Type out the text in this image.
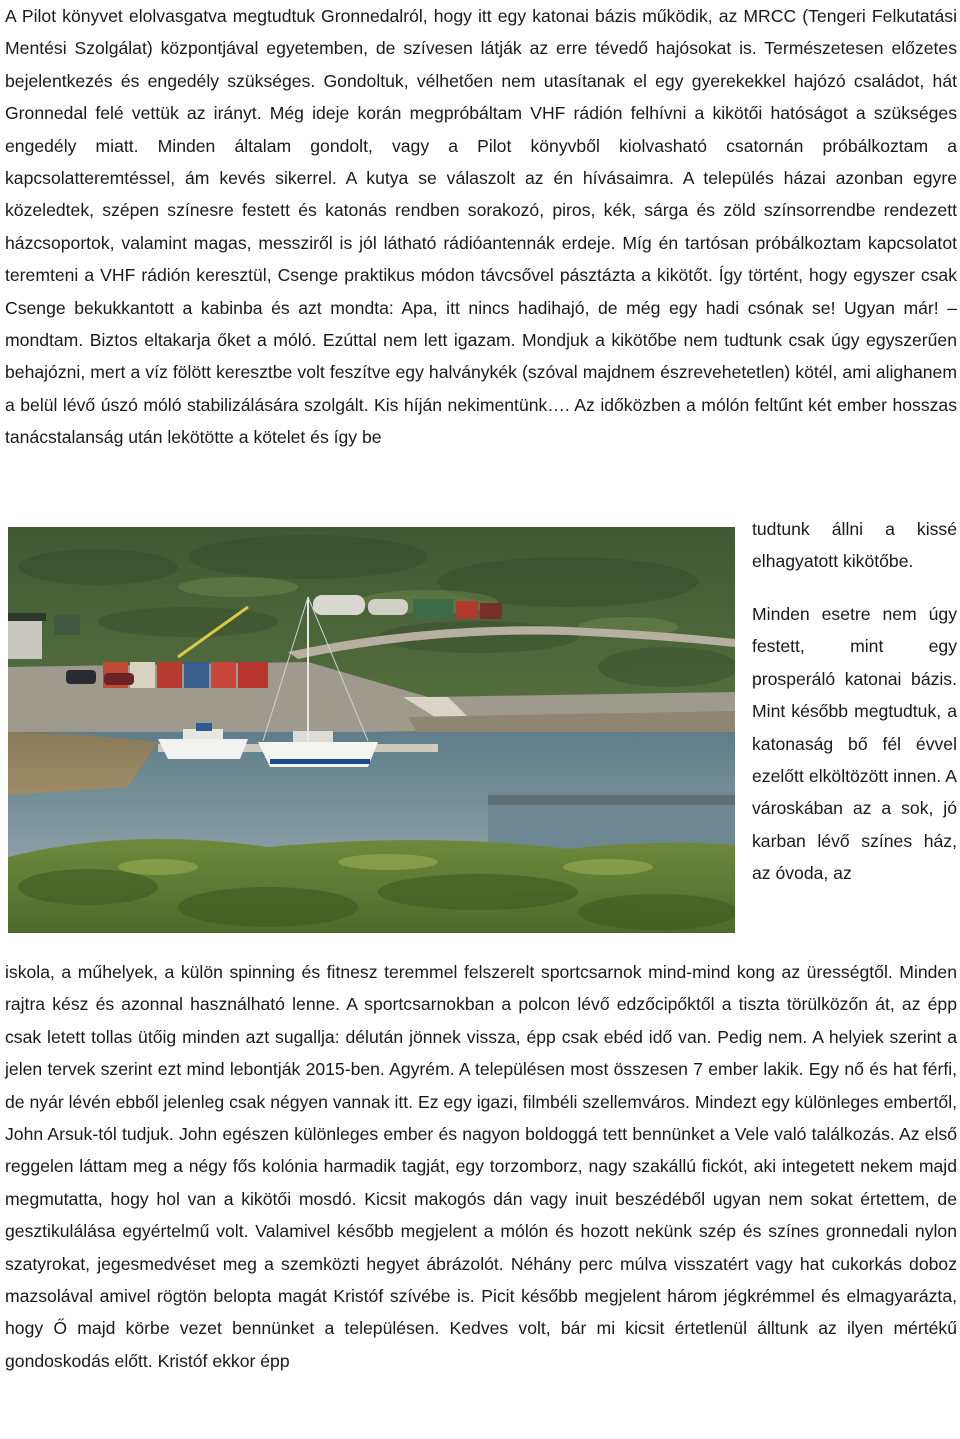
A Pilot könyvet elolvasgatva megtudtuk Gronnedalról, hogy itt egy katonai bázis működik, az MRCC (Tengeri Felkutatási Mentési Szolgálat) központjával egyetemben, de szívesen látják az erre tévedő hajósokat is. Természetesen előzetes bejelentkezés és engedély szükséges. Gondoltuk, vélhetően nem utasítanak el egy gyerekekkel hajózó családot, hát Gronnedal felé vettük az irányt. Még ideje korán megpróbáltam VHF rádión felhívni a kikötői hatóságot a szükséges engedély miatt. Minden általam gondolt, vagy a Pilot könyvből kiolvasható csatornán próbálkoztam a kapcsolatteremtéssel, ám kevés sikerrel. A kutya se válaszolt az én hívásaimra. A település házai azonban egyre közeledtek, szépen színesre festett és katonás rendben sorakozó, piros, kék, sárga és zöld színsorrendbe rendezett házcsoportok, valamint magas, messziről is jól látható rádióantennák erdeje. Míg én tartósan próbálkoztam kapcsolatot teremteni a VHF rádión keresztül, Csenge praktikus módon távcsővel pásztázta a kikötőt. Így történt, hogy egyszer csak Csenge bekukkantott a kabinba és azt mondta: Apa, itt nincs hadihajó, de még egy hadi csónak se! Ugyan már! – mondtam. Biztos eltakarja őket a móló. Ezúttal nem lett igazam. Mondjuk a kikötőbe nem tudtunk csak úgy egyszerűen behajózni, mert a víz fölött keresztbe volt feszítve egy halványkék (szóval majdnem észrevehetetlen) kötél, ami alighanem a belül lévő úszó móló stabilizálására szolgált. Kis híján nekimentünk…. Az időközben a mólón feltűnt két ember hosszas tanácstalanság után lekötötte a kötelet és így be

tudtunk állni a kissé elhagyatott kikötőbe.

Minden esetre nem úgy festett, mint egy prosperáló katonai bázis. Mint később megtudtuk, a katonaság bő fél évvel ezelőtt elköltözött innen. A városkában az a sok, jó karban lévő színes ház, az óvoda, az

iskola, a műhelyek, a külön spinning és fitnesz teremmel felszerelt sportcsarnok mind-mind kong az ürességtől. Minden rajtra kész és azonnal használható lenne. A sportcsarnokban a polcon lévő edzőcipőktől a tiszta törülközőn át, az épp csak letett tollas ütőig minden azt sugallja: délután jönnek vissza, épp csak ebéd idő van. Pedig nem. A helyiek szerint a jelen tervek szerint ezt mind lebontják 2015-ben. Agyrém. A településen most összesen 7 ember lakik. Egy nő és hat férfi, de nyár lévén ebből jelenleg csak négyen vannak itt. Ez egy igazi, filmbéli szellemváros. Mindezt egy különleges embertől, John Arsuk-tól tudjuk. John egészen különleges ember és nagyon boldoggá tett bennünket a Vele való találkozás. Az első reggelen láttam meg a négy fős kolónia harmadik tagját, egy torzomborz, nagy szakállú fickót, aki integetett nekem majd megmutatta, hogy hol van a kikötői mosdó. Kicsit makogós dán vagy inuit beszédéből ugyan nem sokat értettem, de gesztikulálása egyértelmű volt. Valamivel később megjelent a mólón és hozott nekünk szép és színes gronnedali nylon szatyrokat, jegesmedvéset meg a szemközti hegyet ábrázolót. Néhány perc múlva visszatért vagy hat cukorkás doboz mazsolával amivel rögtön belopta magát Kristóf szívébe is. Picit később megjelent három jégkrémmel és elmagyarázta, hogy Ő majd körbe vezet bennünket a településen. Kedves volt, bár mi kicsit értetlenül álltunk az ilyen mértékű gondoskodás előtt. Kristóf ekkor épp
